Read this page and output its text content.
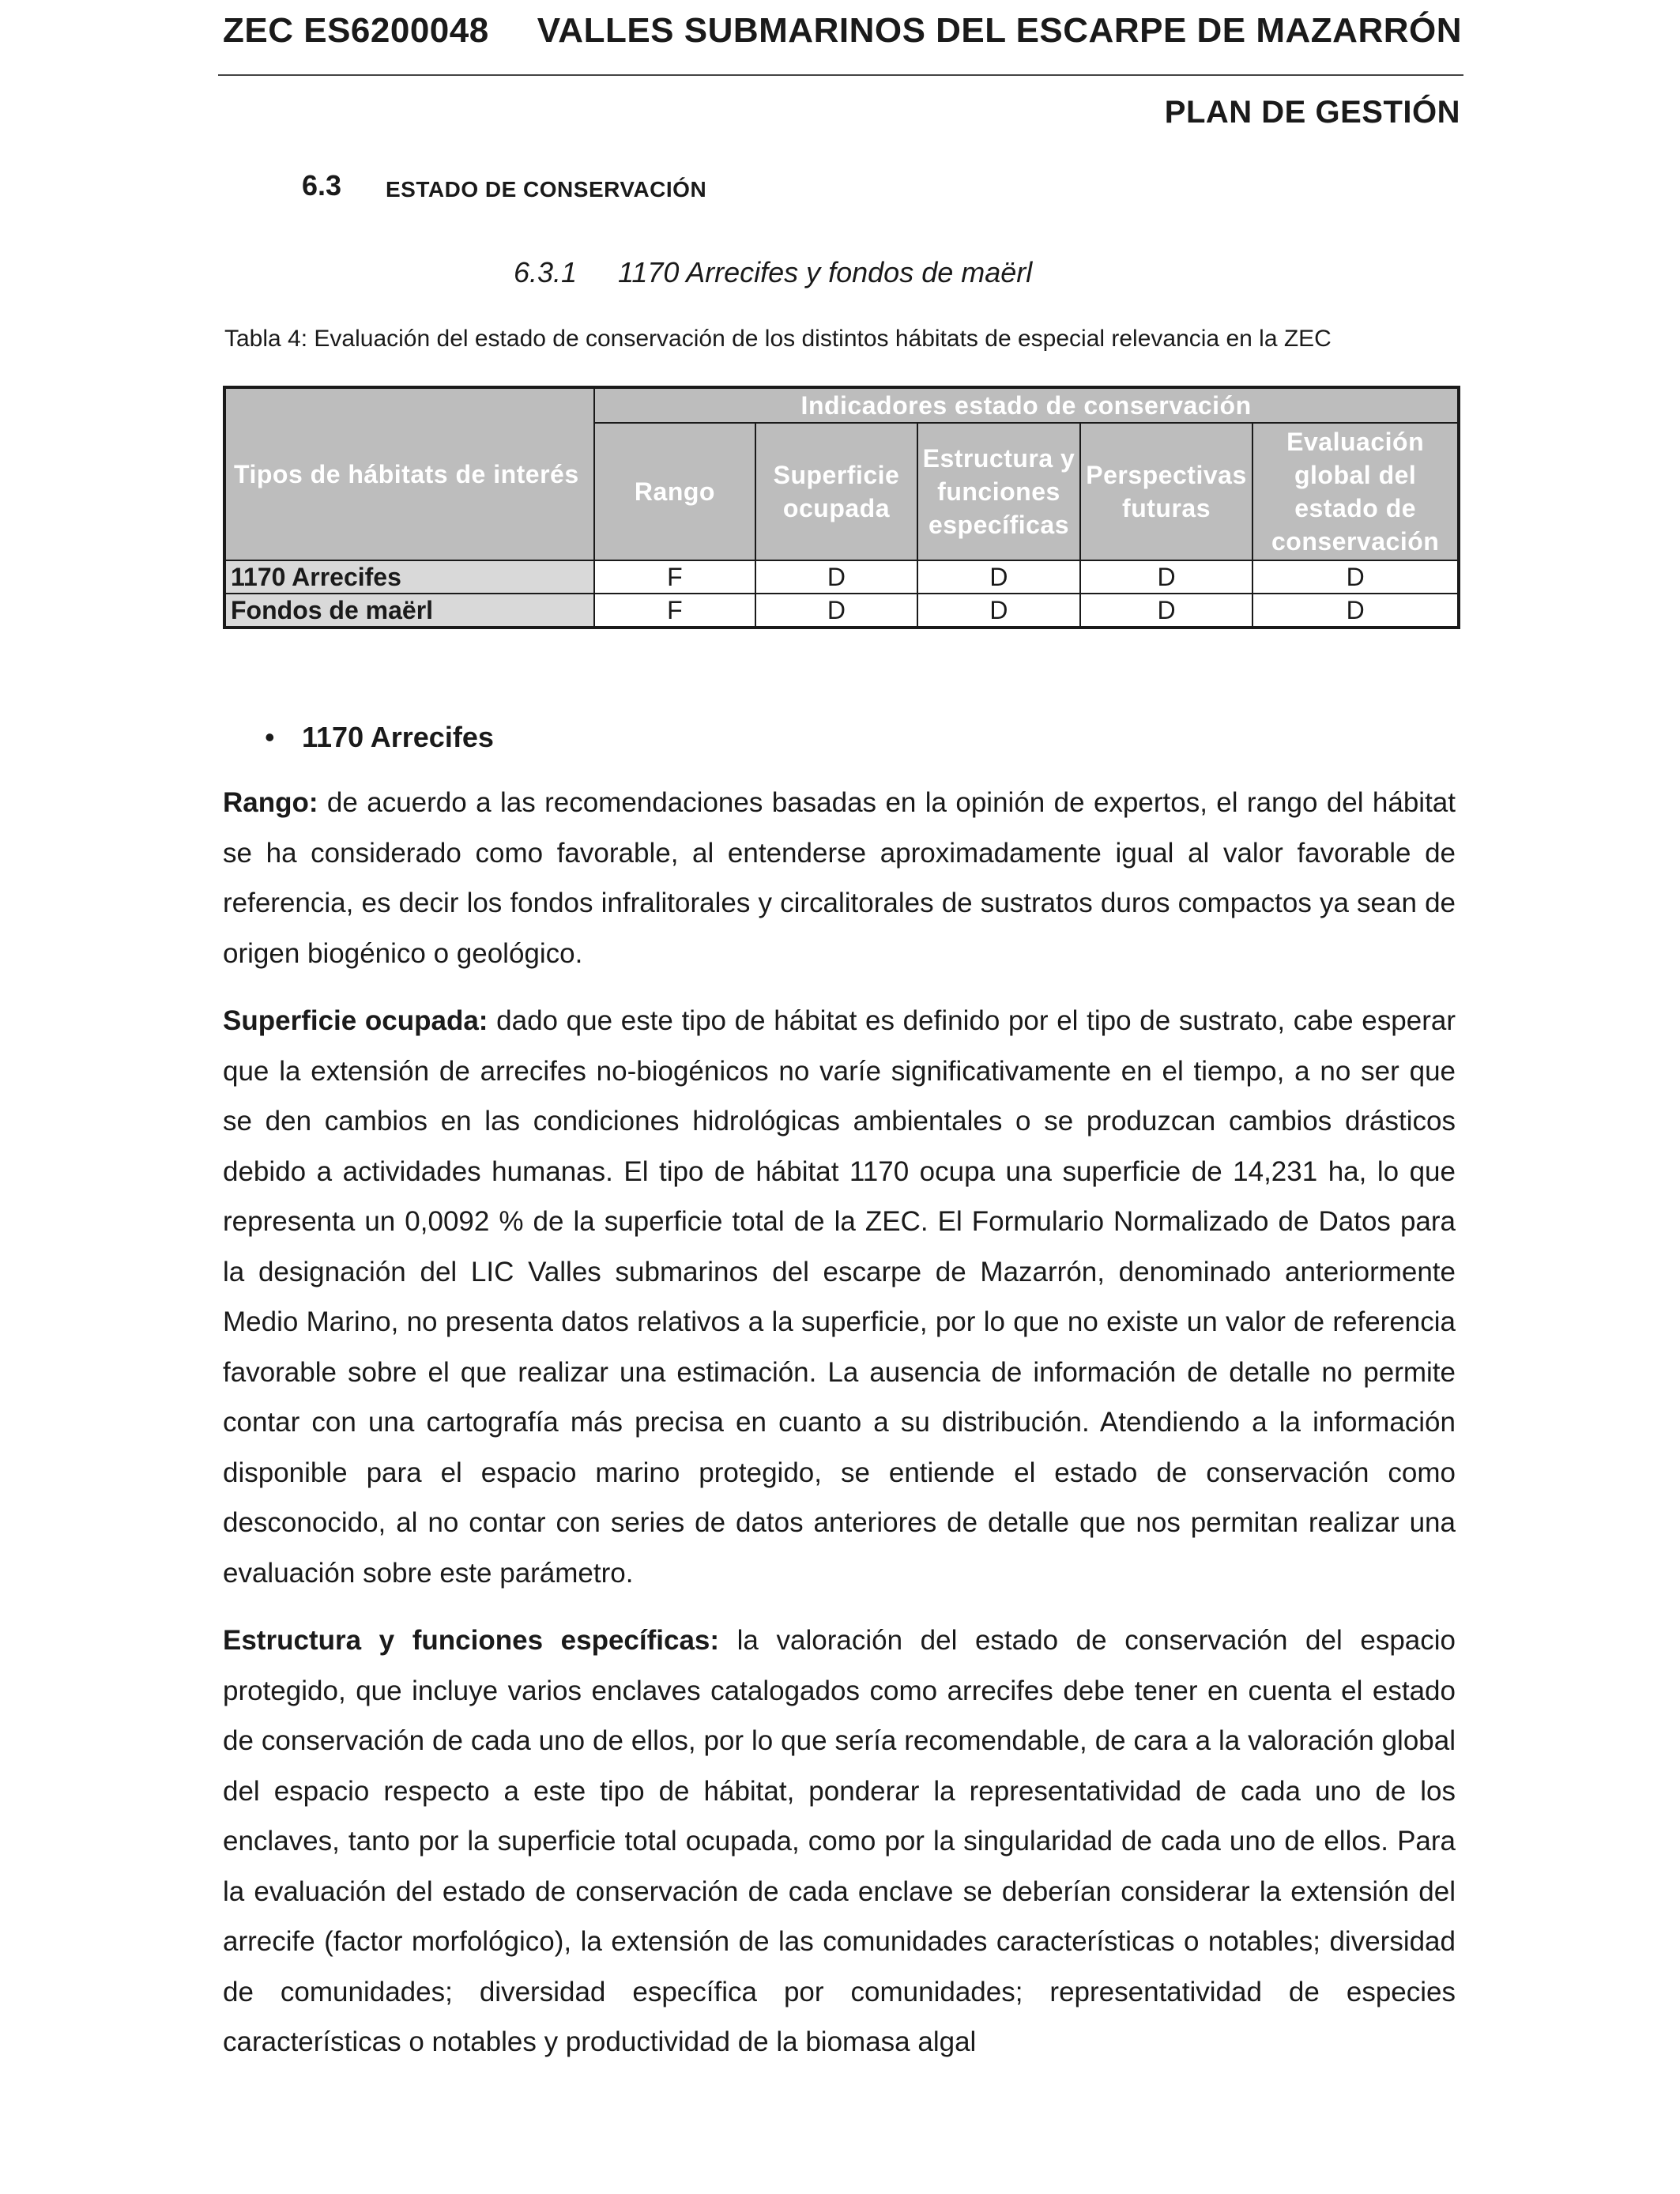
ZEC ES6200048 VALLES SUBMARINOS DEL ESCARPE DE MAZARRÓN
PLAN DE GESTIÓN
6.3 ESTADO DE CONSERVACIÓN
6.3.1 1170 Arrecifes y fondos de maërl
Tabla 4: Evaluación del estado de conservación de los distintos hábitats de especial relevancia en la ZEC
Tipos de hábitats de interés	Indicadores estado de conservación				
	Rango	Superficie ocupada	Estructura y funciones específicas	Perspectivas futuras	Evaluación global del estado de conservación
1170 Arrecifes	F	D	D	D	D
Fondos de maërl	F	D	D	D	D
• 1170 Arrecifes

Rango: de acuerdo a las recomendaciones basadas en la opinión de expertos, el rango del hábitat se ha considerado como favorable, al entenderse aproximadamente igual al valor favorable de referencia, es decir los fondos infralitorales y circalitorales de sustratos duros compactos ya sean de origen biogénico o geológico.

Superficie ocupada: dado que este tipo de hábitat es definido por el tipo de sustrato, cabe esperar que la extensión de arrecifes no-biogénicos no varíe significativamente en el tiempo, a no ser que se den cambios en las condiciones hidrológicas ambientales o se produzcan cambios drásticos debido a actividades humanas. El tipo de hábitat 1170 ocupa una superficie de 14,231 ha, lo que representa un 0,0092 % de la superficie total de la ZEC. El Formulario Normalizado de Datos para la designación del LIC Valles submarinos del escarpe de Mazarrón, denominado anteriormente Medio Marino, no presenta datos relativos a la superficie, por lo que no existe un valor de referencia favorable sobre el que realizar una estimación. La ausencia de información de detalle no permite contar con una cartografía más precisa en cuanto a su distribución. Atendiendo a la información disponible para el espacio marino protegido, se entiende el estado de conservación como desconocido, al no contar con series de datos anteriores de detalle que nos permitan realizar una evaluación sobre este parámetro.

Estructura y funciones específicas: la valoración del estado de conservación del espacio protegido, que incluye varios enclaves catalogados como arrecifes debe tener en cuenta el estado de conservación de cada uno de ellos, por lo que sería recomendable, de cara a la valoración global del espacio respecto a este tipo de hábitat, ponderar la representatividad de cada uno de los enclaves, tanto por la superficie total ocupada, como por la singularidad de cada uno de ellos. Para la evaluación del estado de conservación de cada enclave se deberían considerar la extensión del arrecife (factor morfológico), la extensión de las comunidades características o notables; diversidad de comunidades; diversidad específica por comunidades; representatividad de especies características o notables y productividad de la biomasa algal
